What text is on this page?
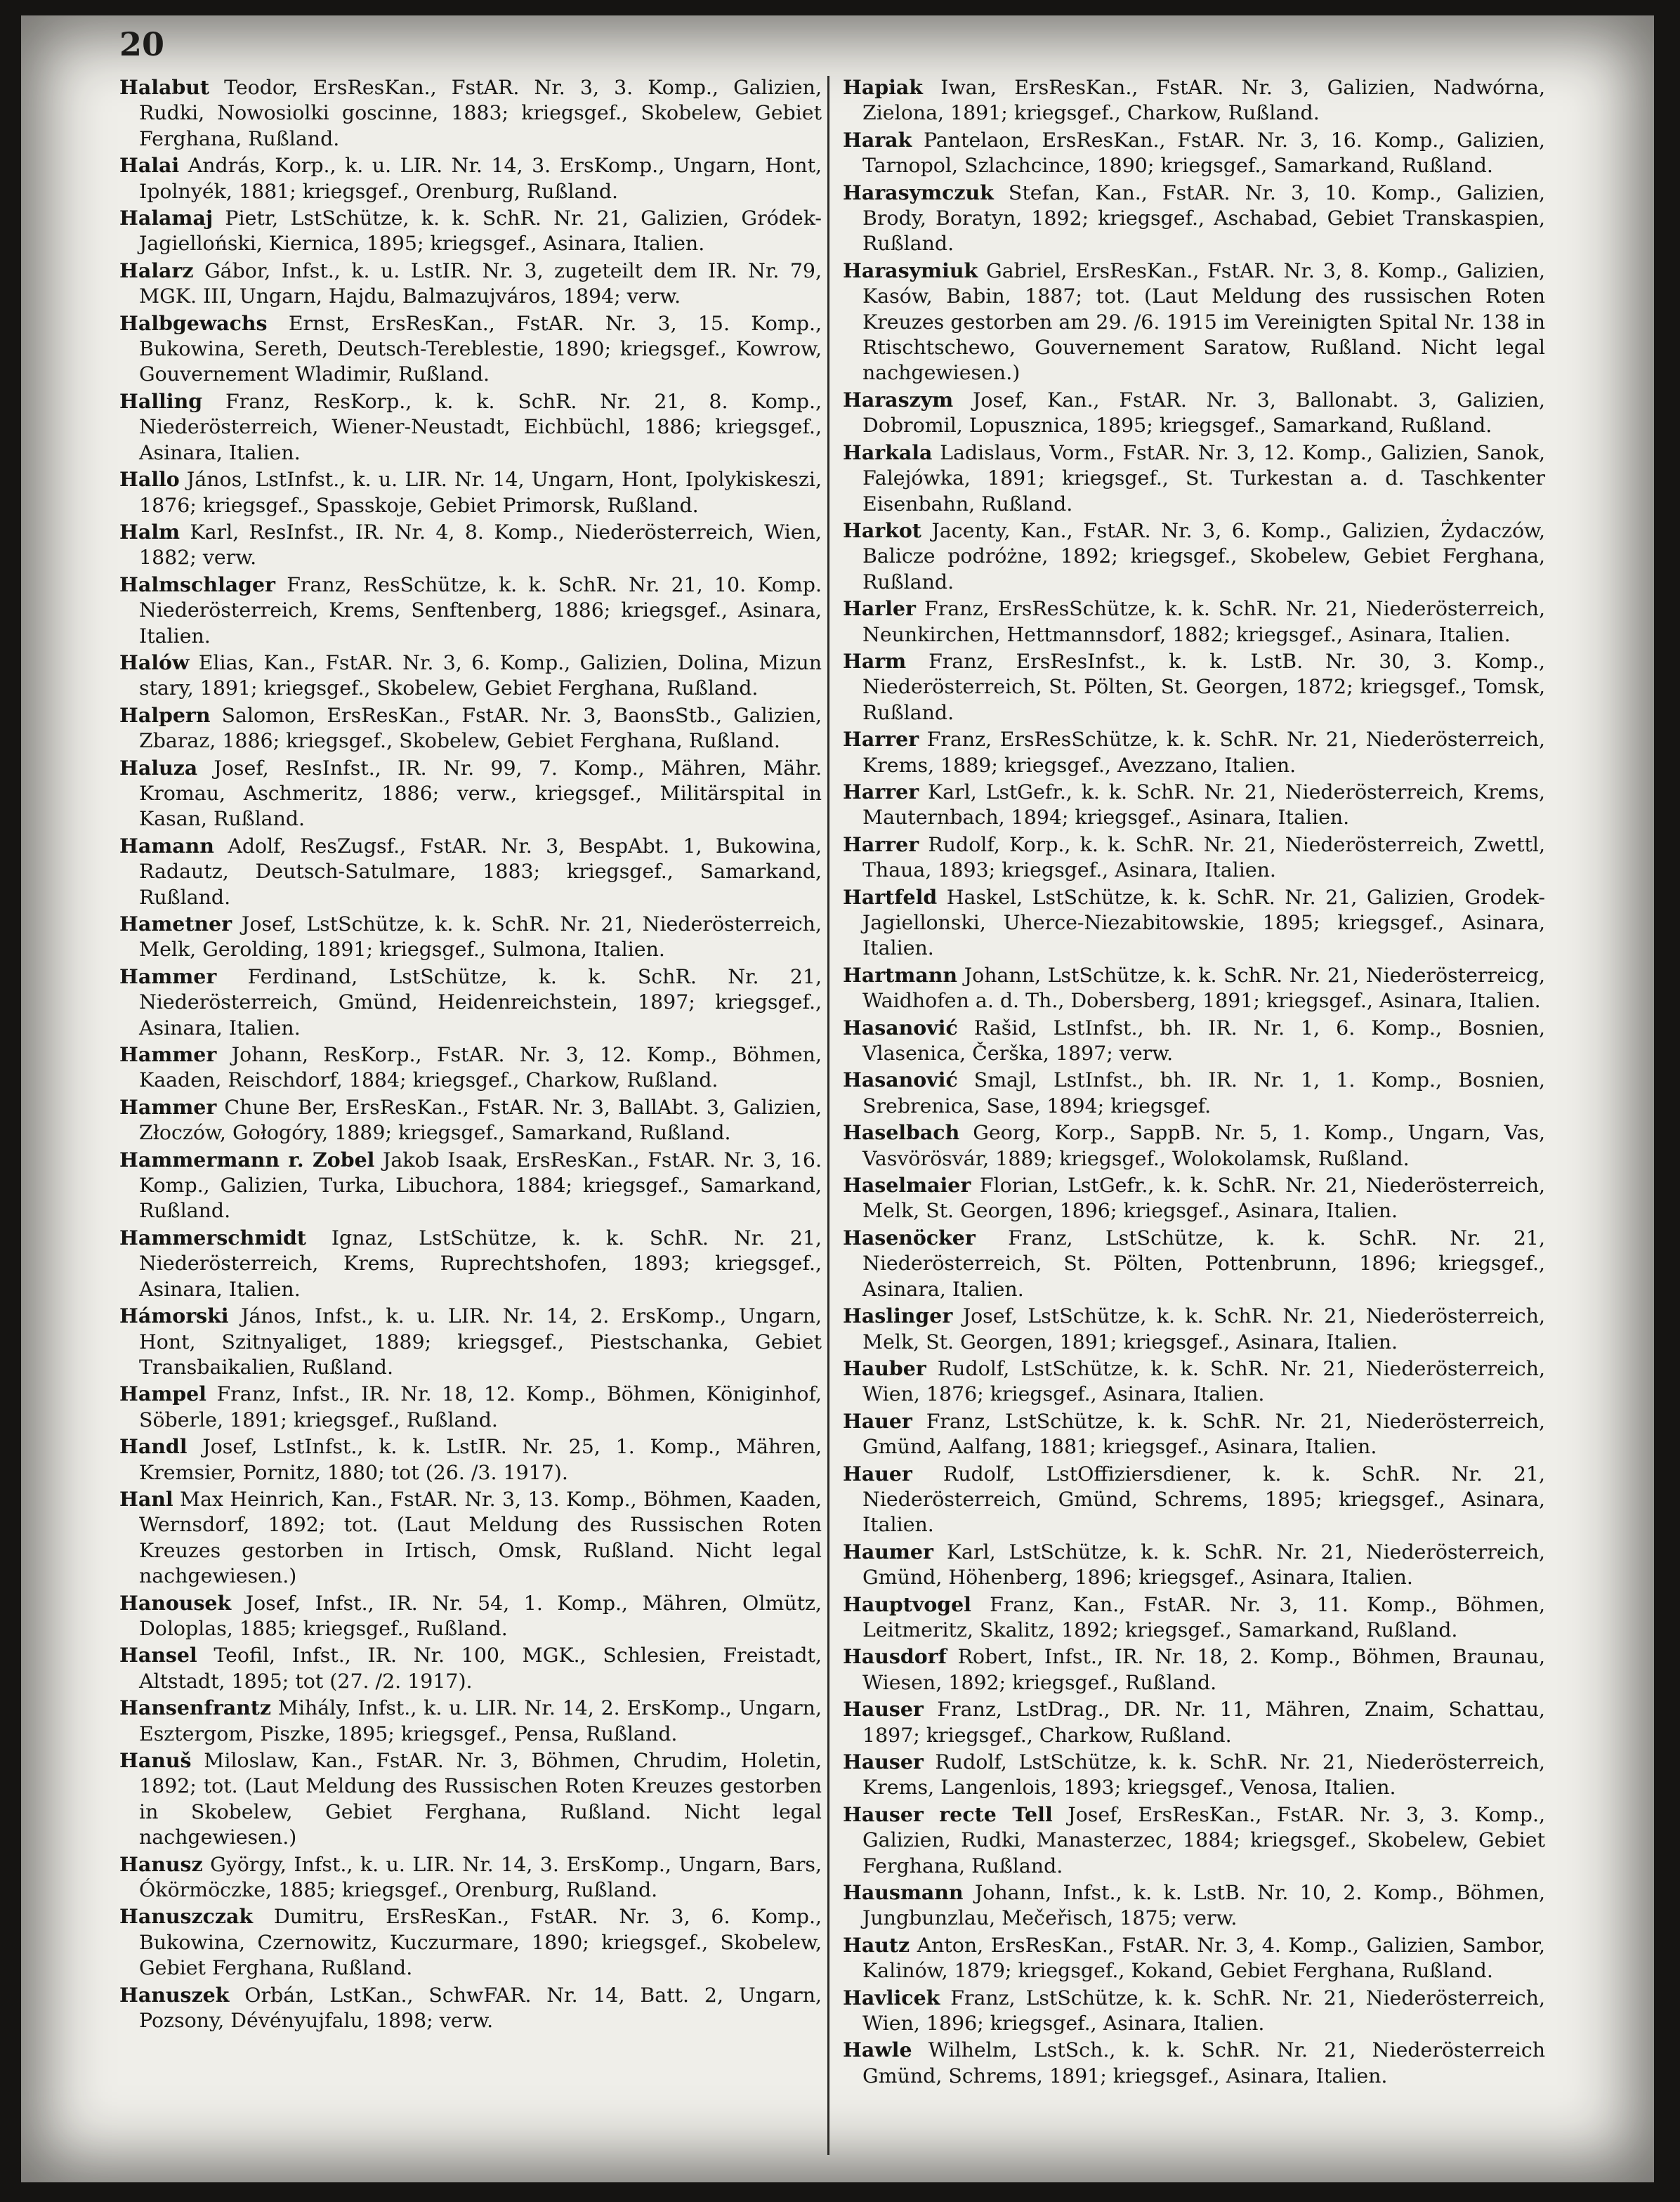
20

Halabut Teodor, ErsResKan., FstAR. Nr. 3, 3. Komp., Galizien, Rudki, Nowosiolki goscinne, 1883; kriegsgef., Skobelew, Gebiet Ferghana, Rußland.

Halai András, Korp., k. u. LIR. Nr. 14, 3. ErsKomp., Ungarn, Hont, Ipolnyék, 1881; kriegsgef., Orenburg, Rußland.

Halamaj Pietr, LstSchütze, k. k. SchR. Nr. 21, Galizien, Gródek-Jagielloński, Kiernica, 1895; kriegsgef., Asinara, Italien.

Halarz Gábor, Infst., k. u. LstIR. Nr. 3, zugeteilt dem IR. Nr. 79, MGK. III, Ungarn, Hajdu, Balmazujváros, 1894; verw.

Halbgewachs Ernst, ErsResKan., FstAR. Nr. 3, 15. Komp., Bukowina, Sereth, Deutsch-Tereblestie, 1890; kriegsgef., Kowrow, Gouvernement Wladimir, Rußland.

Halling Franz, ResKorp., k. k. SchR. Nr. 21, 8. Komp., Niederösterreich, Wiener-Neustadt, Eichbüchl, 1886; kriegsgef., Asinara, Italien.

Hallo János, LstInfst., k. u. LIR. Nr. 14, Ungarn, Hont, Ipolykiskeszi, 1876; kriegsgef., Spasskoje, Gebiet Primorsk, Rußland.

Halm Karl, ResInfst., IR. Nr. 4, 8. Komp., Niederösterreich, Wien, 1882; verw.

Halmschlager Franz, ResSchütze, k. k. SchR. Nr. 21, 10. Komp. Niederösterreich, Krems, Senftenberg, 1886; kriegsgef., Asinara, Italien.

Halów Elias, Kan., FstAR. Nr. 3, 6. Komp., Galizien, Dolina, Mizun stary, 1891; kriegsgef., Skobelew, Gebiet Ferghana, Rußland.

Halpern Salomon, ErsResKan., FstAR. Nr. 3, BaonsStb., Galizien, Zbaraz, 1886; kriegsgef., Skobelew, Gebiet Ferghana, Rußland.

Haluza Josef, ResInfst., IR. Nr. 99, 7. Komp., Mähren, Mähr. Kromau, Aschmeritz, 1886; verw., kriegsgef., Militärspital in Kasan, Rußland.

Hamann Adolf, ResZugsf., FstAR. Nr. 3, BespAbt. 1, Bukowina, Radautz, Deutsch-Satulmare, 1883; kriegsgef., Samarkand, Rußland.

Hametner Josef, LstSchütze, k. k. SchR. Nr. 21, Niederösterreich, Melk, Gerolding, 1891; kriegsgef., Sulmona, Italien.

Hammer Ferdinand, LstSchütze, k. k. SchR. Nr. 21, Niederösterreich, Gmünd, Heidenreichstein, 1897; kriegsgef., Asinara, Italien.

Hammer Johann, ResKorp., FstAR. Nr. 3, 12. Komp., Böhmen, Kaaden, Reischdorf, 1884; kriegsgef., Charkow, Rußland.

Hammer Chune Ber, ErsResKan., FstAR. Nr. 3, BallAbt. 3, Galizien, Złoczów, Gołogóry, 1889; kriegsgef., Samarkand, Rußland.

Hammermann r. Zobel Jakob Isaak, ErsResKan., FstAR. Nr. 3, 16. Komp., Galizien, Turka, Libuchora, 1884; kriegsgef., Samarkand, Rußland.

Hammerschmidt Ignaz, LstSchütze, k. k. SchR. Nr. 21, Niederösterreich, Krems, Ruprechtshofen, 1893; kriegsgef., Asinara, Italien.

Hámorski János, Infst., k. u. LIR. Nr. 14, 2. ErsKomp., Ungarn, Hont, Szitnyaliget, 1889; kriegsgef., Piestschanka, Gebiet Transbaikalien, Rußland.

Hampel Franz, Infst., IR. Nr. 18, 12. Komp., Böhmen, Königinhof, Söberle, 1891; kriegsgef., Rußland.

Handl Josef, LstInfst., k. k. LstIR. Nr. 25, 1. Komp., Mähren, Kremsier, Pornitz, 1880; tot (26. /3. 1917).

Hanl Max Heinrich, Kan., FstAR. Nr. 3, 13. Komp., Böhmen, Kaaden, Wernsdorf, 1892; tot. (Laut Meldung des Russischen Roten Kreuzes gestorben in Irtisch, Omsk, Rußland. Nicht legal nachgewiesen.)

Hanousek Josef, Infst., IR. Nr. 54, 1. Komp., Mähren, Olmütz, Doloplas, 1885; kriegsgef., Rußland.

Hansel Teofil, Infst., IR. Nr. 100, MGK., Schlesien, Freistadt, Altstadt, 1895; tot (27. /2. 1917).

Hansenfrantz Mihály, Infst., k. u. LIR. Nr. 14, 2. ErsKomp., Ungarn, Esztergom, Piszke, 1895; kriegsgef., Pensa, Rußland.

Hanuš Miloslaw, Kan., FstAR. Nr. 3, Böhmen, Chrudim, Holetin, 1892; tot. (Laut Meldung des Russischen Roten Kreuzes gestorben in Skobelew, Gebiet Ferghana, Rußland. Nicht legal nachgewiesen.)

Hanusz György, Infst., k. u. LIR. Nr. 14, 3. ErsKomp., Ungarn, Bars, Ókörmöczke, 1885; kriegsgef., Orenburg, Rußland.

Hanuszczak Dumitru, ErsResKan., FstAR. Nr. 3, 6. Komp., Bukowina, Czernowitz, Kuczurmare, 1890; kriegsgef., Skobelew, Gebiet Ferghana, Rußland.

Hanuszek Orbán, LstKan., SchwFAR. Nr. 14, Batt. 2, Ungarn, Pozsony, Dévényujfalu, 1898; verw.

Hapiak Iwan, ErsResKan., FstAR. Nr. 3, Galizien, Nadwórna, Zielona, 1891; kriegsgef., Charkow, Rußland.

Harak Pantelaon, ErsResKan., FstAR. Nr. 3, 16. Komp., Galizien, Tarnopol, Szlachcince, 1890; kriegsgef., Samarkand, Rußland.

Harasymczuk Stefan, Kan., FstAR. Nr. 3, 10. Komp., Galizien, Brody, Boratyn, 1892; kriegsgef., Aschabad, Gebiet Transkaspien, Rußland.

Harasymiuk Gabriel, ErsResKan., FstAR. Nr. 3, 8. Komp., Galizien, Kasów, Babin, 1887; tot. (Laut Meldung des russischen Roten Kreuzes gestorben am 29. /6. 1915 im Vereinigten Spital Nr. 138 in Rtischtschewo, Gouvernement Saratow, Rußland. Nicht legal nachgewiesen.)

Haraszym Josef, Kan., FstAR. Nr. 3, Ballonabt. 3, Galizien, Dobromil, Lopusznica, 1895; kriegsgef., Samarkand, Rußland.

Harkala Ladislaus, Vorm., FstAR. Nr. 3, 12. Komp., Galizien, Sanok, Falejówka, 1891; kriegsgef., St. Turkestan a. d. Taschkenter Eisenbahn, Rußland.

Harkot Jacenty, Kan., FstAR. Nr. 3, 6. Komp., Galizien, Żydaczów, Balicze podróżne, 1892; kriegsgef., Skobelew, Gebiet Ferghana, Rußland.

Harler Franz, ErsResSchütze, k. k. SchR. Nr. 21, Niederösterreich, Neunkirchen, Hettmannsdorf, 1882; kriegsgef., Asinara, Italien.

Harm Franz, ErsResInfst., k. k. LstB. Nr. 30, 3. Komp., Niederösterreich, St. Pölten, St. Georgen, 1872; kriegsgef., Tomsk, Rußland.

Harrer Franz, ErsResSchütze, k. k. SchR. Nr. 21, Niederösterreich, Krems, 1889; kriegsgef., Avezzano, Italien.

Harrer Karl, LstGefr., k. k. SchR. Nr. 21, Niederösterreich, Krems, Mauternbach, 1894; kriegsgef., Asinara, Italien.

Harrer Rudolf, Korp., k. k. SchR. Nr. 21, Niederösterreich, Zwettl, Thaua, 1893; kriegsgef., Asinara, Italien.

Hartfeld Haskel, LstSchütze, k. k. SchR. Nr. 21, Galizien, Grodek-Jagiellonski, Uherce-Niezabitowskie, 1895; kriegsgef., Asinara, Italien.

Hartmann Johann, LstSchütze, k. k. SchR. Nr. 21, Niederösterreicg, Waidhofen a. d. Th., Dobersberg, 1891; kriegsgef., Asinara, Italien.

Hasanović Rašid, LstInfst., bh. IR. Nr. 1, 6. Komp., Bosnien, Vlasenica, Čerška, 1897; verw.

Hasanović Smajl, LstInfst., bh. IR. Nr. 1, 1. Komp., Bosnien, Srebrenica, Sase, 1894; kriegsgef.

Haselbach Georg, Korp., SappB. Nr. 5, 1. Komp., Ungarn, Vas, Vasvörösvár, 1889; kriegsgef., Wolokolamsk, Rußland.

Haselmaier Florian, LstGefr., k. k. SchR. Nr. 21, Niederösterreich, Melk, St. Georgen, 1896; kriegsgef., Asinara, Italien.

Hasenöcker Franz, LstSchütze, k. k. SchR. Nr. 21, Niederösterreich, St. Pölten, Pottenbrunn, 1896; kriegsgef., Asinara, Italien.

Haslinger Josef, LstSchütze, k. k. SchR. Nr. 21, Niederösterreich, Melk, St. Georgen, 1891; kriegsgef., Asinara, Italien.

Hauber Rudolf, LstSchütze, k. k. SchR. Nr. 21, Niederösterreich, Wien, 1876; kriegsgef., Asinara, Italien.

Hauer Franz, LstSchütze, k. k. SchR. Nr. 21, Niederösterreich, Gmünd, Aalfang, 1881; kriegsgef., Asinara, Italien.

Hauer Rudolf, LstOffiziersdiener, k. k. SchR. Nr. 21, Niederösterreich, Gmünd, Schrems, 1895; kriegsgef., Asinara, Italien.

Haumer Karl, LstSchütze, k. k. SchR. Nr. 21, Niederösterreich, Gmünd, Höhenberg, 1896; kriegsgef., Asinara, Italien.

Hauptvogel Franz, Kan., FstAR. Nr. 3, 11. Komp., Böhmen, Leitmeritz, Skalitz, 1892; kriegsgef., Samarkand, Rußland.

Hausdorf Robert, Infst., IR. Nr. 18, 2. Komp., Böhmen, Braunau, Wiesen, 1892; kriegsgef., Rußland.

Hauser Franz, LstDrag., DR. Nr. 11, Mähren, Znaim, Schattau, 1897; kriegsgef., Charkow, Rußland.

Hauser Rudolf, LstSchütze, k. k. SchR. Nr. 21, Niederösterreich, Krems, Langenlois, 1893; kriegsgef., Venosa, Italien.

Hauser recte Tell Josef, ErsResKan., FstAR. Nr. 3, 3. Komp., Galizien, Rudki, Manasterzec, 1884; kriegsgef., Skobelew, Gebiet Ferghana, Rußland.

Hausmann Johann, Infst., k. k. LstB. Nr. 10, 2. Komp., Böhmen, Jungbunzlau, Mečeřisch, 1875; verw.

Hautz Anton, ErsResKan., FstAR. Nr. 3, 4. Komp., Galizien, Sambor, Kalinów, 1879; kriegsgef., Kokand, Gebiet Ferghana, Rußland.

Havlicek Franz, LstSchütze, k. k. SchR. Nr. 21, Niederösterreich, Wien, 1896; kriegsgef., Asinara, Italien.

Hawle Wilhelm, LstSch., k. k. SchR. Nr. 21, Niederösterreich Gmünd, Schrems, 1891; kriegsgef., Asinara, Italien.
